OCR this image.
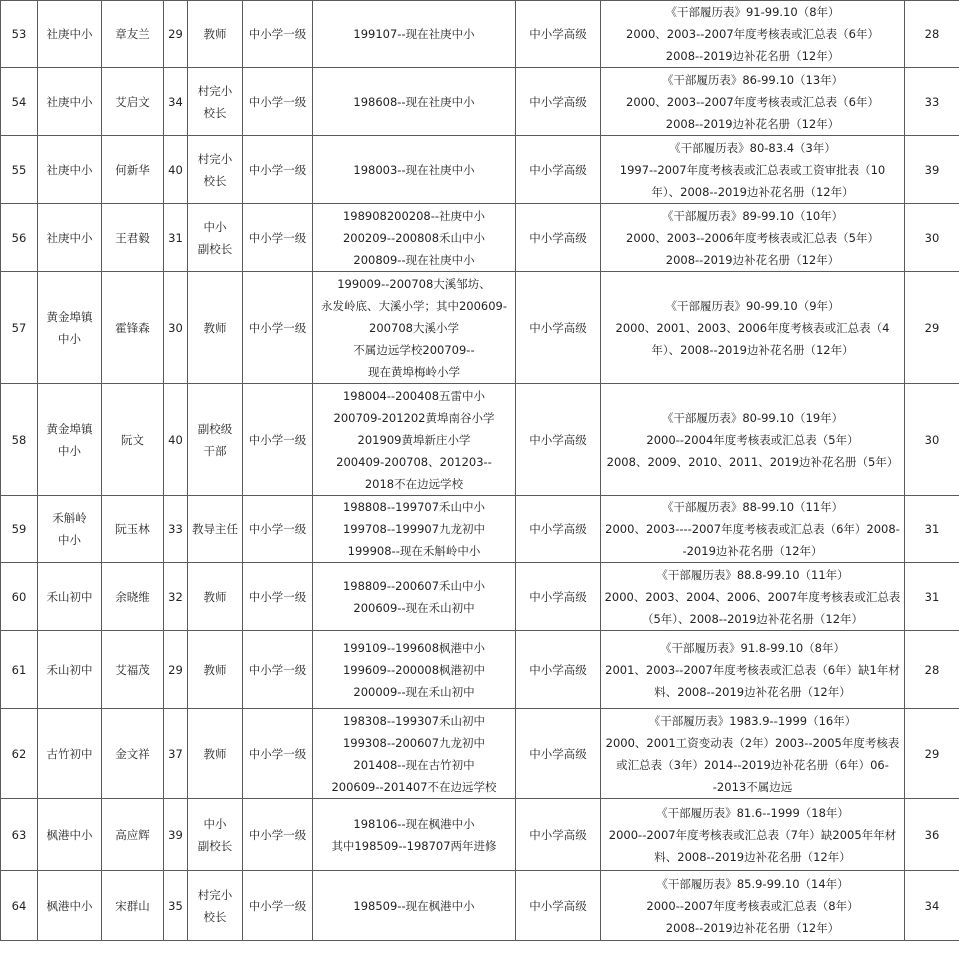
53	社庚中小	章友兰	29	教师	中小学一级	199107--现在社庚中小	中小学高级	《干部履历表》91-99.10（8年）
2000、2003--2007年度考核表或汇总表（6年）
2008--2019边补花名册（12年）	28
54	社庚中小	艾启文	34	村完小
校长	中小学一级	198608--现在社庚中小	中小学高级	《干部履历表》86-99.10（13年）
2000、2003--2007年度考核表或汇总表（6年）
2008--2019边补花名册（12年）	33
55	社庚中小	何新华	40	村完小
校长	中小学一级	198003--现在社庚中小	中小学高级	《干部履历表》80-83.4（3年）
1997--2007年度考核表或汇总表或工资审批表（10
年）、2008--2019边补花名册（12年）	39
56	社庚中小	王君毅	31	中小
副校长	中小学一级	198908200208--社庚中小
200209--200808禾山中小
200809--现在社庚中小	中小学高级	《干部履历表》89-99.10（10年）
2000、2003--2006年度考核表或汇总表（5年）
2008--2019边补花名册（12年）	30
57	黄金埠镇
中小	霍锋森	30	教师	中小学一级	199009--200708大溪邹坊、
永发岭底、大溪小学；其中200609-
200708大溪小学
不属边远学校200709--
现在黄埠梅岭小学	中小学高级	《干部履历表》90-99.10（9年）
2000、2001、2003、2006年度考核表或汇总表（4
年）、2008--2019边补花名册（12年）	29
58	黄金埠镇
中小	阮文	40	副校级
干部	中小学一级	198004--200408五雷中小
200709-201202黄埠南谷小学
201909黄埠新庄小学
200409-200708、201203--
2018不在边远学校	中小学高级	《干部履历表》80-99.10（19年）
2000--2004年度考核表或汇总表（5年）
2008、2009、2010、2011、2019边补花名册（5年）	30
59	禾斛岭
中小	阮玉林	33	教导主任	中小学一级	198808--199707禾山中小
199708--199907九龙初中
199908--现在禾斛岭中小	中小学高级	《干部履历表》88-99.10（11年）
2000、2003----2007年度考核表或汇总表（6年）2008-
-2019边补花名册（12年）	31
60	禾山初中	余晓维	32	教师	中小学一级	198809--200607禾山中小
200609--现在禾山初中	中小学高级	《干部履历表》88.8-99.10（11年）
2000、2003、2004、2006、2007年度考核表或汇总表
（5年）、2008--2019边补花名册（12年）	31
61	禾山初中	艾福茂	29	教师	中小学一级	199109--199608枫港中小
199609--200008枫港初中
200009--现在禾山初中	中小学高级	《干部履历表》91.8-99.10（8年）
2001、2003--2007年度考核表或汇总表（6年）缺1年材
料、2008--2019边补花名册（12年）	28
62	古竹初中	金文祥	37	教师	中小学一级	198308--199307禾山初中
199308--200607九龙初中
201408--现在古竹初中
200609--201407不在边远学校	中小学高级	《干部履历表》1983.9--1999（16年）
2000、2001工资变动表（2年）2003--2005年度考核表
或汇总表（3年）2014--2019边补花名册（6年）06-
-2013不属边远	29
63	枫港中小	高应辉	39	中小
副校长	中小学一级	198106--现在枫港中小
其中198509--198707两年进修	中小学高级	《干部履历表》81.6--1999（18年）
2000--2007年度考核表或汇总表（7年）缺2005年年材
料、2008--2019边补花名册（12年）	36
64	枫港中小	宋群山	35	村完小
校长	中小学一级	198509--现在枫港中小	中小学高级	《干部履历表》85.9-99.10（14年）
2000--2007年度考核表或汇总表（8年）
2008--2019边补花名册（12年）	34
